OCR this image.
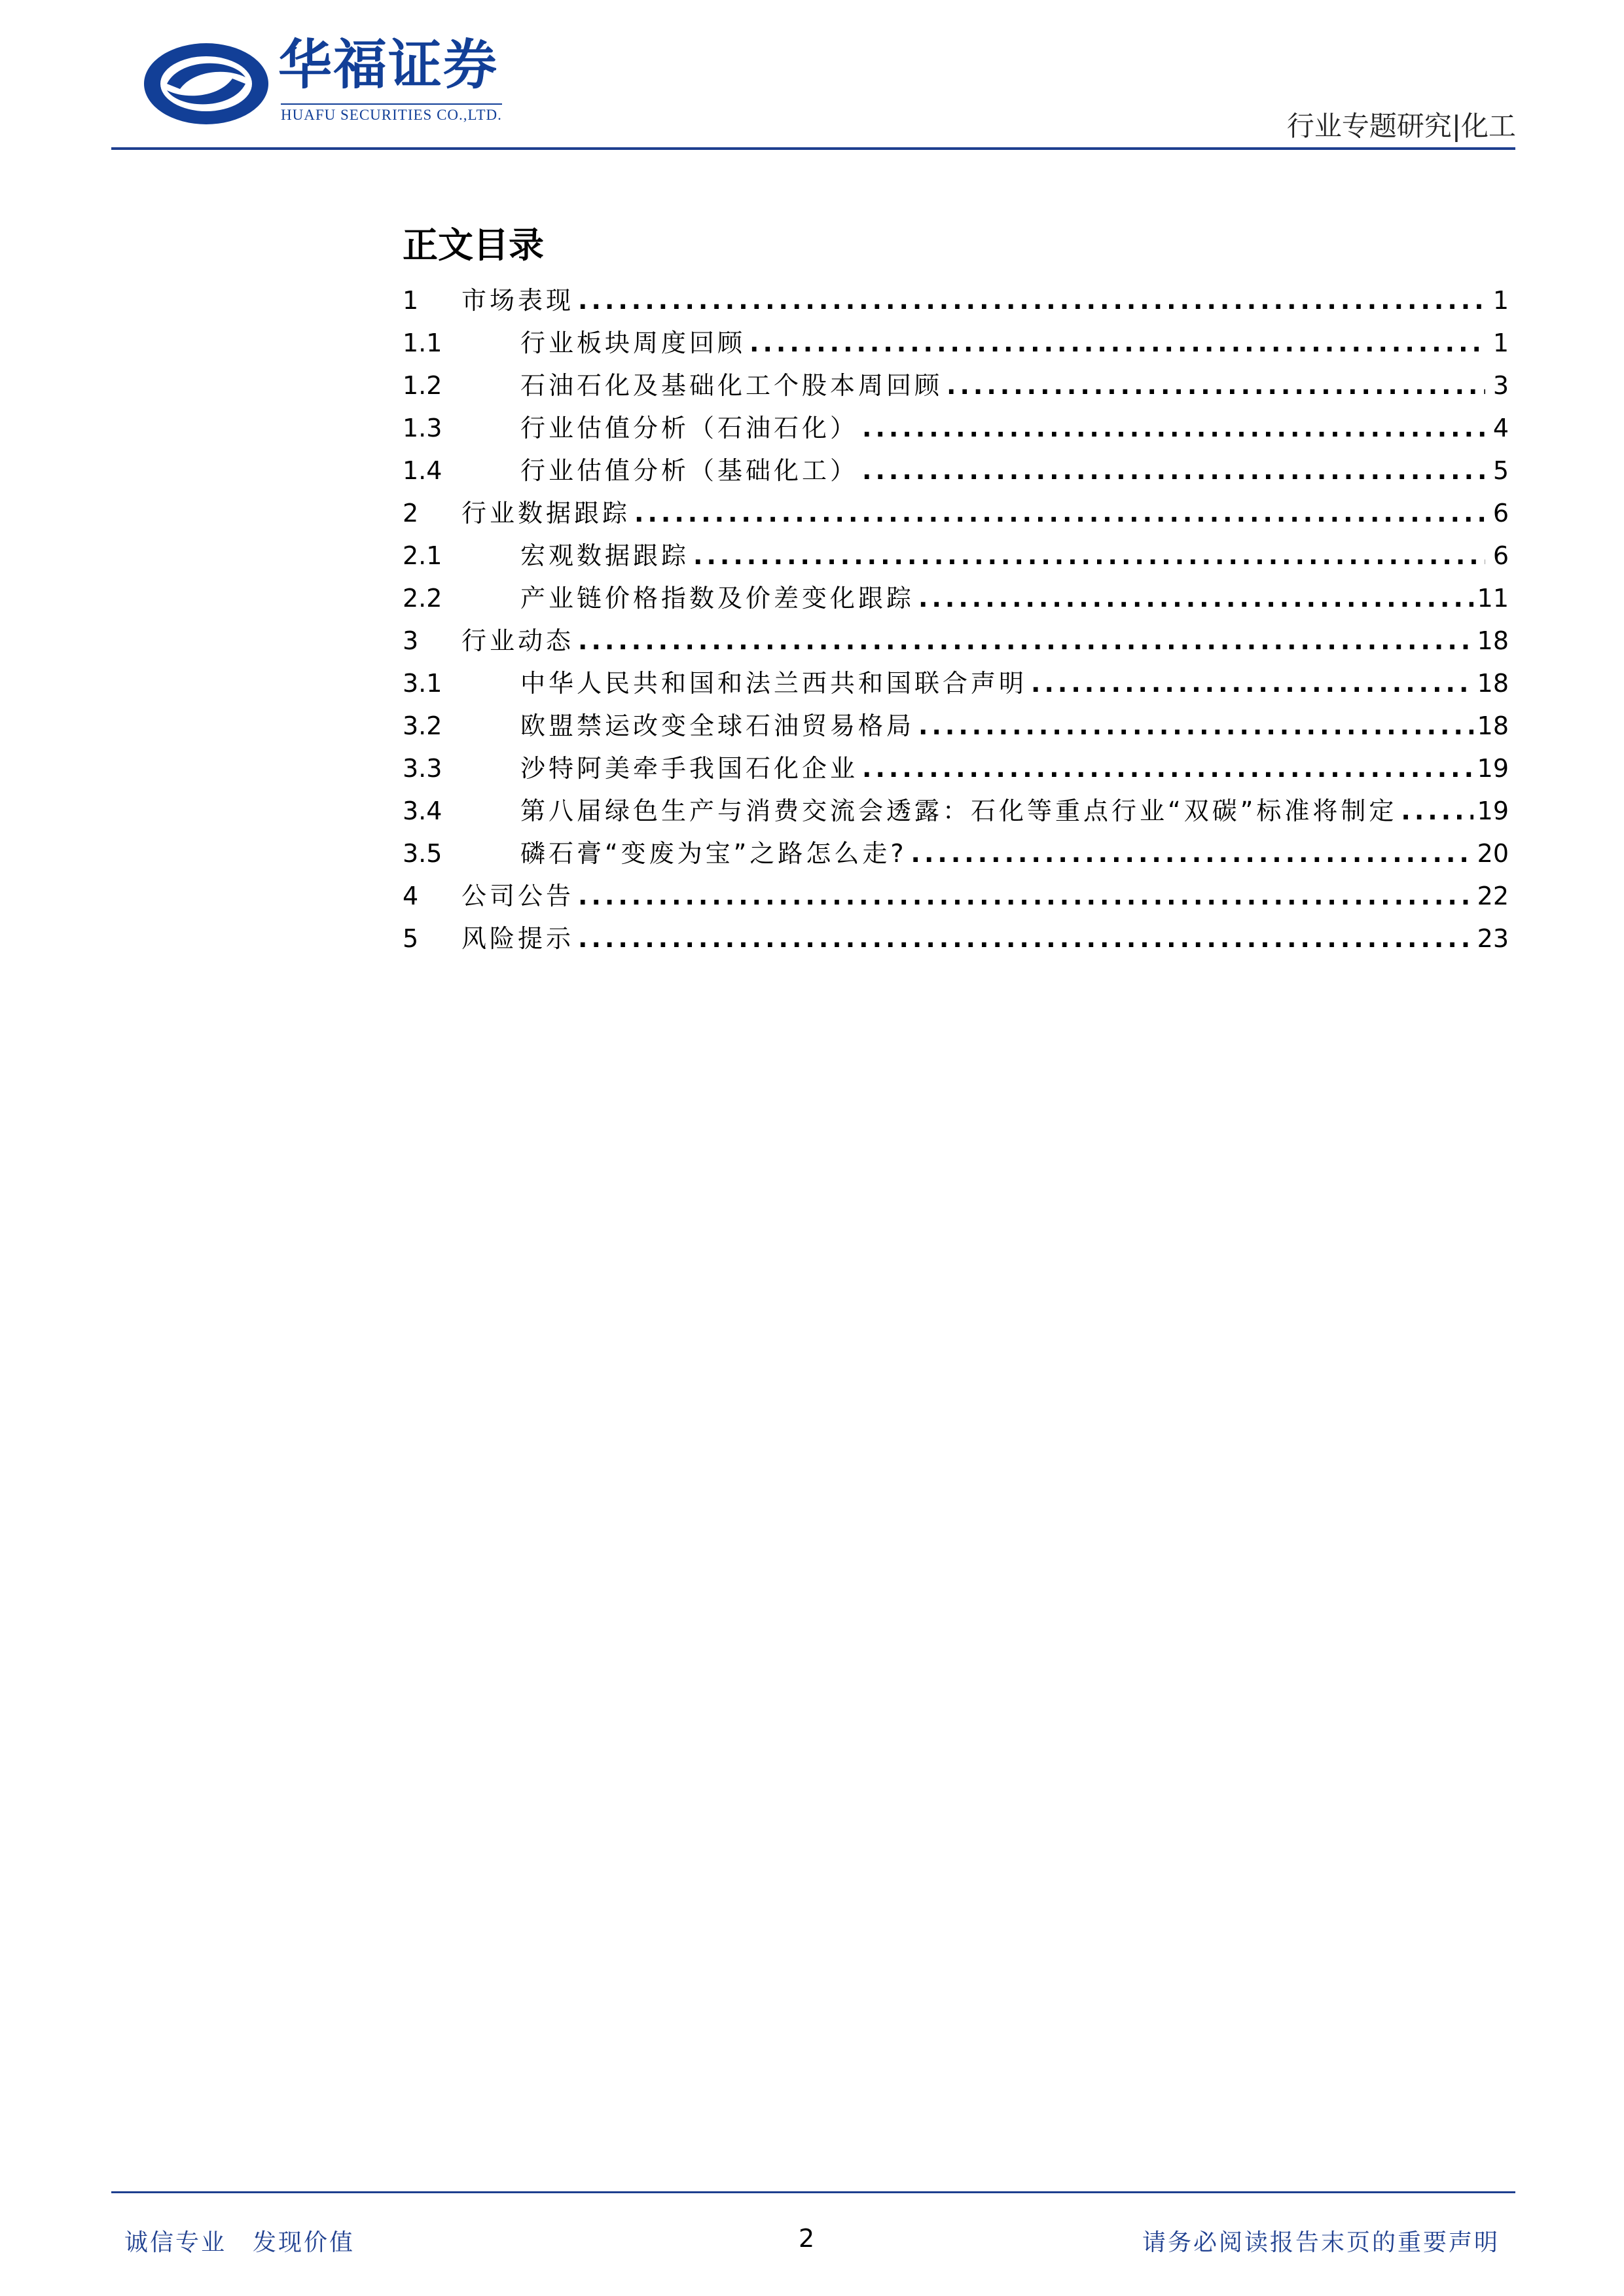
华福证券
HUAFU SECURITIES CO.,LTD.	行业专题研究|化工
正文目录
1	市场表现 .....	1
1.1	行业板块周度回顾 .....	1
1.2	石油石化及基础化工个股本周回顾 .....	3
1.3	行业估值分析（石油石化） .....	4
1.4	行业估值分析（基础化工） .....	5
2	行业数据跟踪 .....	6
2.1	宏观数据跟踪 .....	6
2.2	产业链价格指数及价差变化跟踪 .....	11
3	行业动态 .....	18
3.1	中华人民共和国和法兰西共和国联合声明 .....	18
3.2	欧盟禁运改变全球石油贸易格局 .....	18
3.3	沙特阿美牵手我国石化企业 .....	19
3.4	第八届绿色生产与消费交流会透露：石化等重点行业“双碳”标准将制定 .....	19
3.5	磷石膏“变废为宝”之路怎么走? .....	20
4	公司公告 .....	22
5	风险提示 .....	23
诚信专业 发现价值	2	请务必阅读报告末页的重要声明
